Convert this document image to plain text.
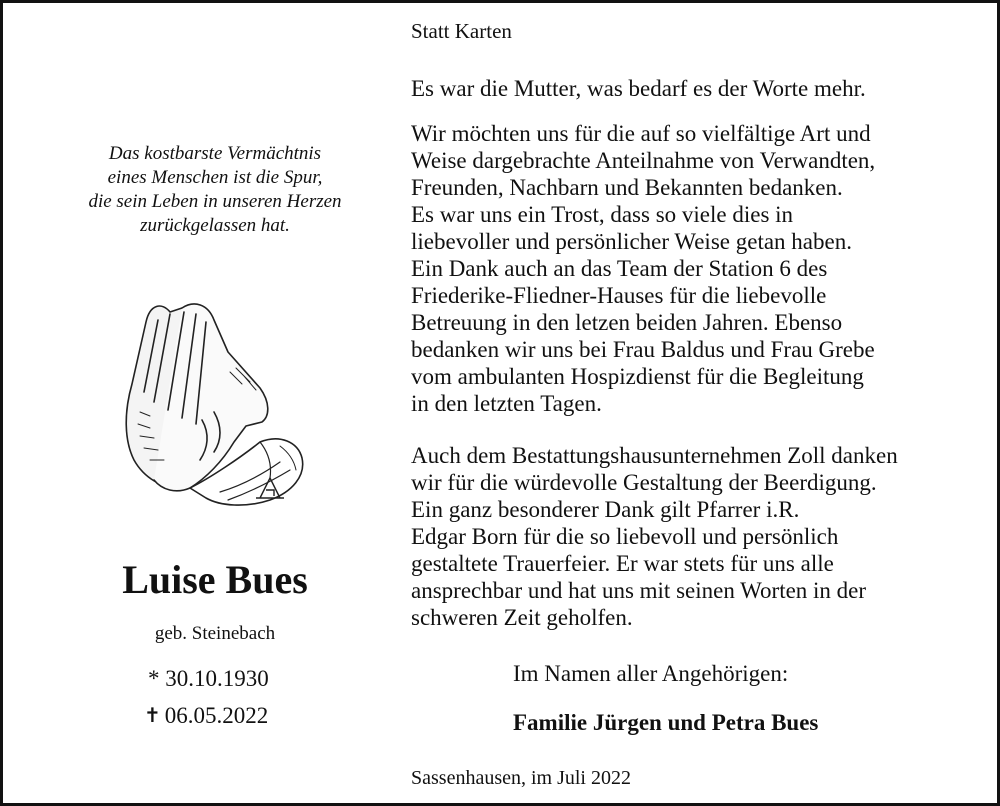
Das kostbarste Vermächtnis
eines Menschen ist die Spur,
die sein Leben in unseren Herzen
zurückgelassen hat.
Luise Bues
geb. Steinebach
* 30.10.1930
✝ 06.05.2022
Statt Karten
Es war die Mutter, was bedarf es der Worte mehr.
Wir möchten uns für die auf so vielfältige Art und
Weise dargebrachte Anteilnahme von Verwandten,
Freunden, Nachbarn und Bekannten bedanken.
Es war uns ein Trost, dass so viele dies in
liebevoller und persönlicher Weise getan haben.
Ein Dank auch an das Team der Station 6 des
Friederike-Fliedner-Hauses für die liebevolle
Betreuung in den letzen beiden Jahren. Ebenso
bedanken wir uns bei Frau Baldus und Frau Grebe
vom ambulanten Hospizdienst für die Begleitung
in den letzten Tagen.
Auch dem Bestattungshausunternehmen Zoll danken
wir für die würdevolle Gestaltung der Beerdigung.
Ein ganz besonderer Dank gilt Pfarrer i.R.
Edgar Born für die so liebevoll und persönlich
gestaltete Trauerfeier. Er war stets für uns alle
ansprechbar und hat uns mit seinen Worten in der
schweren Zeit geholfen.
Im Namen aller Angehörigen:
Familie Jürgen und Petra Bues
Sassenhausen, im Juli 2022
